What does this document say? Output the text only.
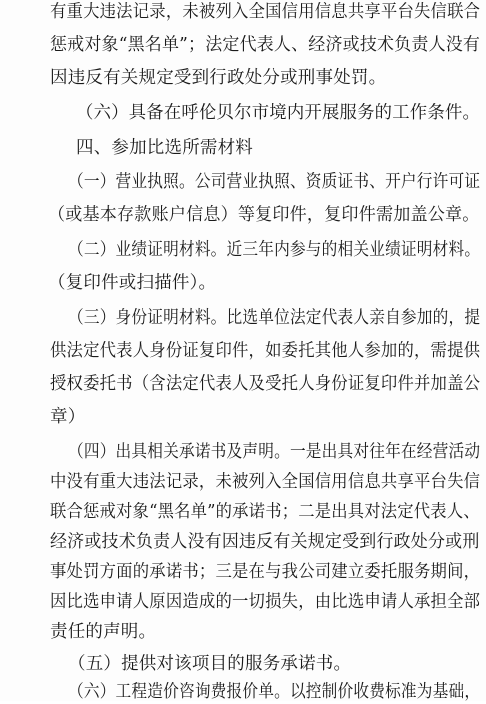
有重大违法记录，未被列入全国信用信息共享平台失信联合
惩戒对象“黑名单”；法定代表人、经济或技术负责人没有
因违反有关规定受到行政处分或刑事处罚。
（六）具备在呼伦贝尔市境内开展服务的工作条件。
四、参加比选所需材料
（一）营业执照。公司营业执照、资质证书、开户行许可证
（或基本存款账户信息）等复印件，复印件需加盖公章。
（二）业绩证明材料。近三年内参与的相关业绩证明材料。
（复印件或扫描件）。
（三）身份证明材料。比选单位法定代表人亲自参加的，提
供法定代表人身份证复印件，如委托其他人参加的，需提供
授权委托书（含法定代表人及受托人身份证复印件并加盖公
章）
（四）出具相关承诺书及声明。一是出具对往年在经营活动
中没有重大违法记录，未被列入全国信用信息共享平台失信
联合惩戒对象“黑名单”的承诺书；二是出具对法定代表人、
经济或技术负责人没有因违反有关规定受到行政处分或刑
事处罚方面的承诺书；三是在与我公司建立委托服务期间，
因比选申请人原因造成的一切损失，由比选申请人承担全部
责任的声明。
（五）提供对该项目的服务承诺书。
（六）工程造价咨询费报价单。以控制价收费标准为基础，
